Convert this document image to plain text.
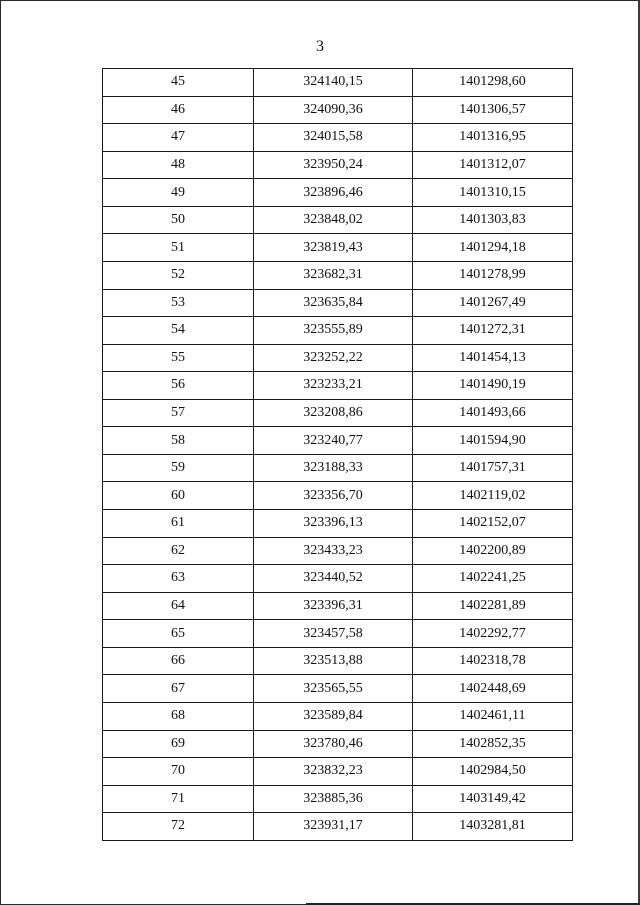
3
45	324140,15	1401298,60
46	324090,36	1401306,57
47	324015,58	1401316,95
48	323950,24	1401312,07
49	323896,46	1401310,15
50	323848,02	1401303,83
51	323819,43	1401294,18
52	323682,31	1401278,99
53	323635,84	1401267,49
54	323555,89	1401272,31
55	323252,22	1401454,13
56	323233,21	1401490,19
57	323208,86	1401493,66
58	323240,77	1401594,90
59	323188,33	1401757,31
60	323356,70	1402119,02
61	323396,13	1402152,07
62	323433,23	1402200,89
63	323440,52	1402241,25
64	323396,31	1402281,89
65	323457,58	1402292,77
66	323513,88	1402318,78
67	323565,55	1402448,69
68	323589,84	1402461,11
69	323780,46	1402852,35
70	323832,23	1402984,50
71	323885,36	1403149,42
72	323931,17	1403281,81
